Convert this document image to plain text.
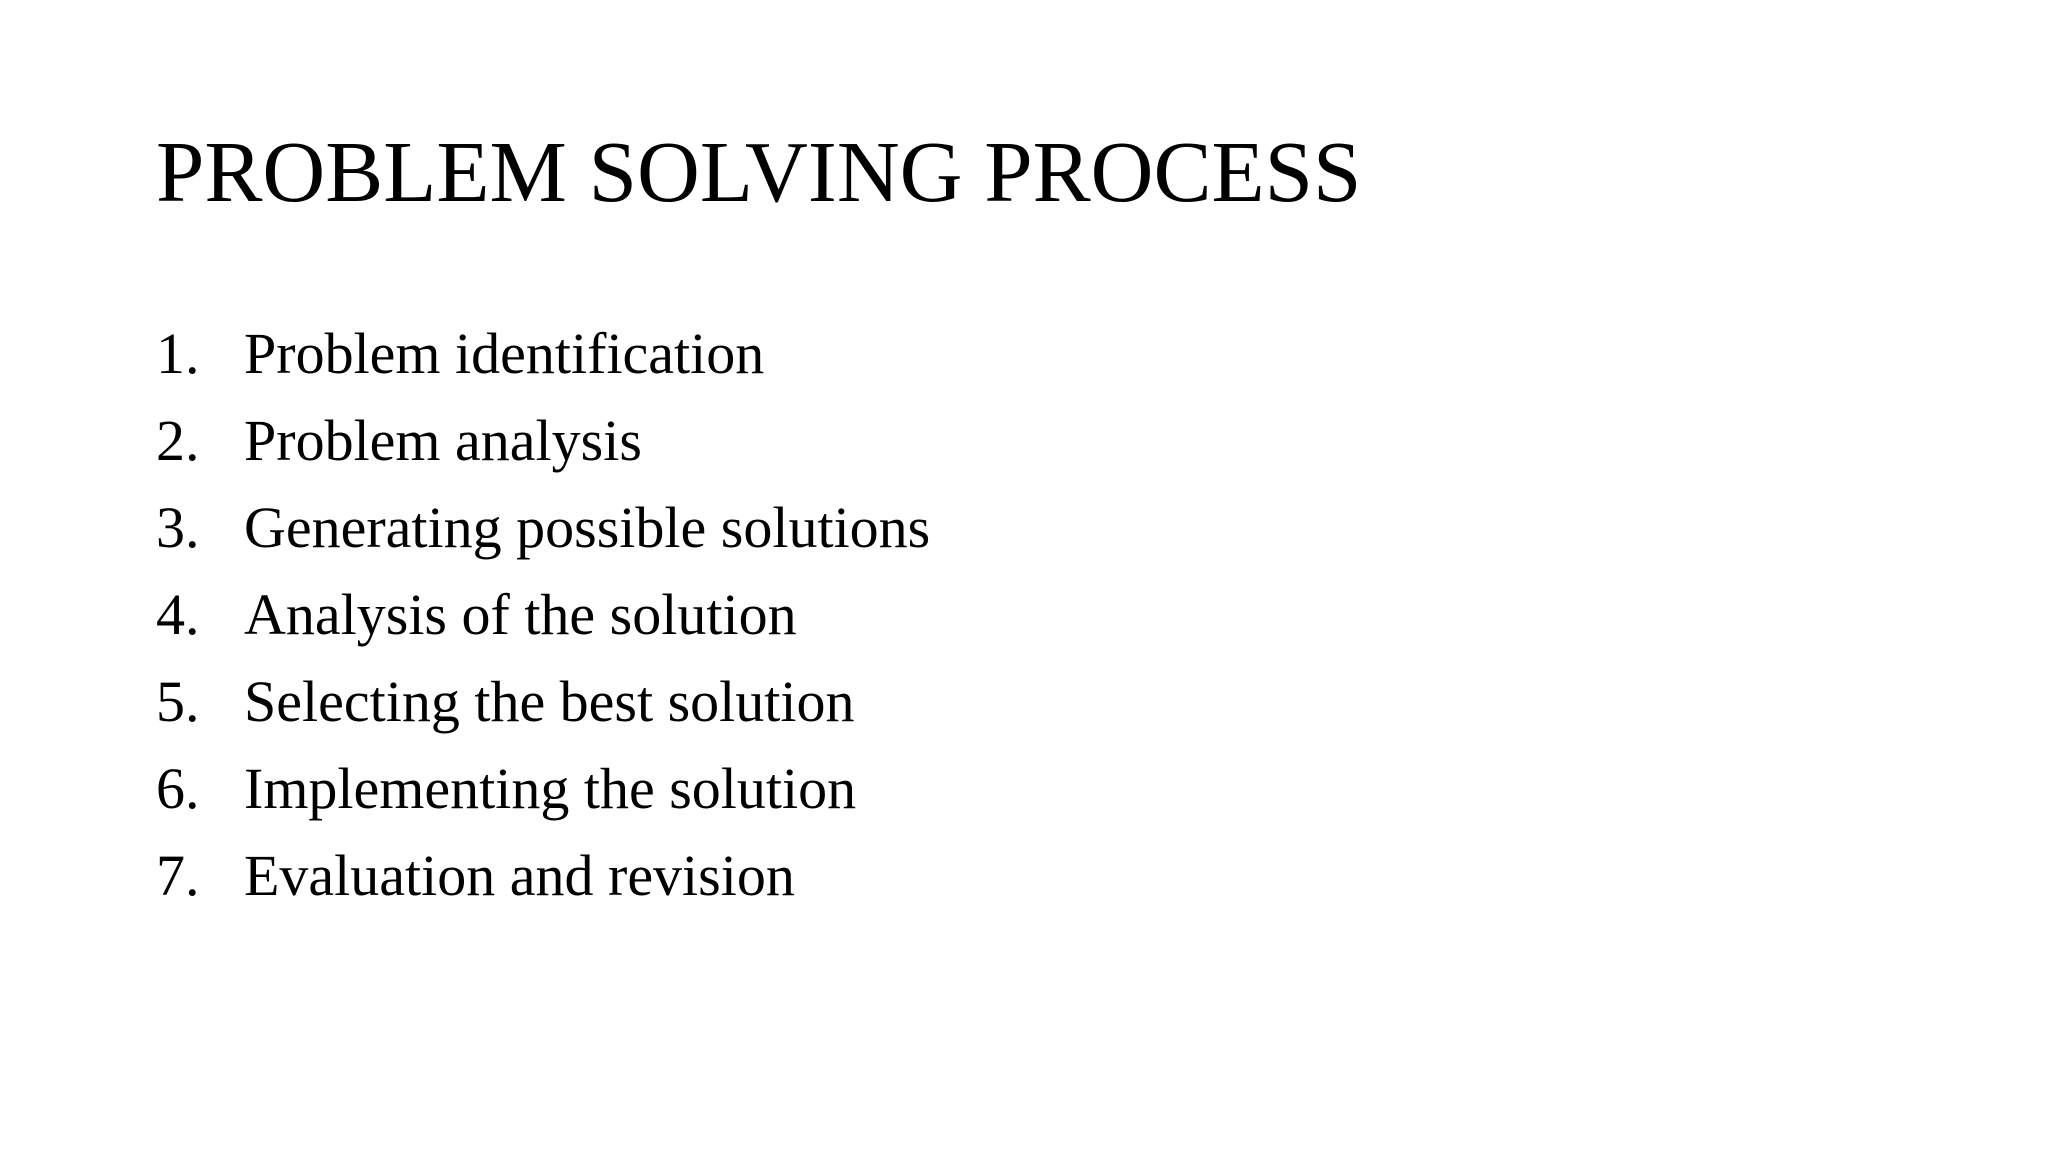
PROBLEM SOLVING PROCESS
1. Problem identification
2. Problem analysis
3. Generating possible solutions
4. Analysis of the solution
5. Selecting the best solution
6. Implementing the solution
7. Evaluation and revision
